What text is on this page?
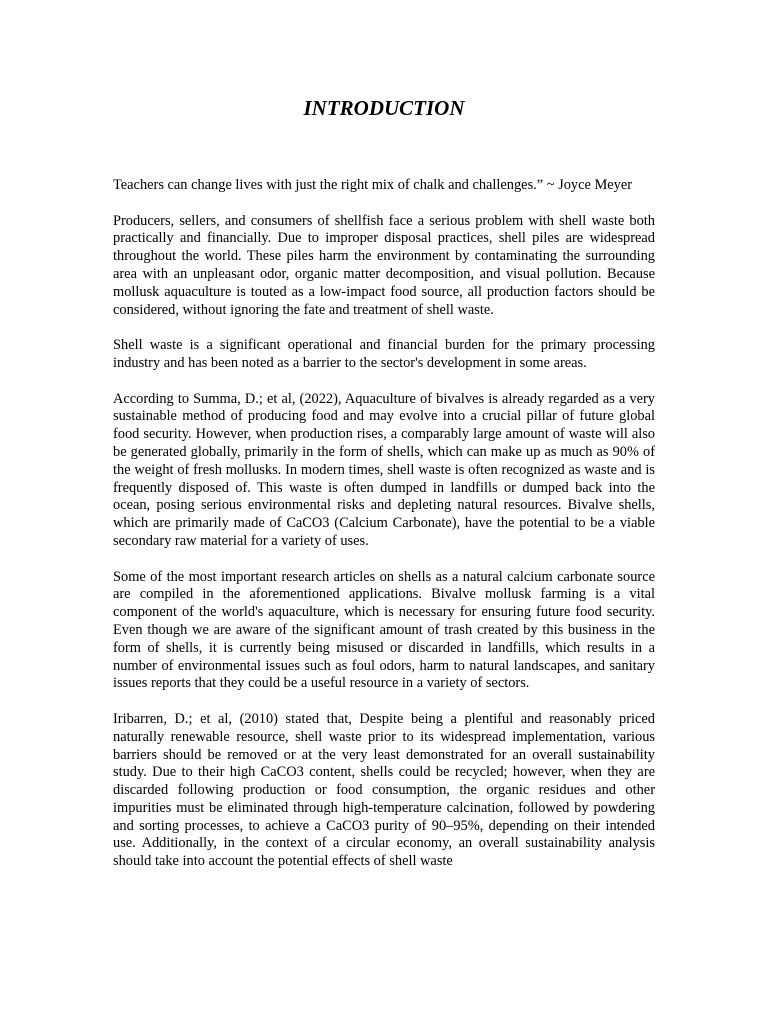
INTRODUCTION

Teachers can change lives with just the right mix of chalk and challenges.” ~ Joyce Meyer

Producers, sellers, and consumers of shellfish face a serious problem with shell waste both practically and financially. Due to improper disposal practices, shell piles are widespread throughout the world. These piles harm the environment by contaminating the surrounding area with an unpleasant odor, organic matter decomposition, and visual pollution. Because mollusk aquaculture is touted as a low-impact food source, all production factors should be considered, without ignoring the fate and treatment of shell waste.

Shell waste is a significant operational and financial burden for the primary processing industry and has been noted as a barrier to the sector's development in some areas.

According to Summa, D.; et al, (2022), Aquaculture of bivalves is already regarded as a very sustainable method of producing food and may evolve into a crucial pillar of future global food security. However, when production rises, a comparably large amount of waste will also be generated globally, primarily in the form of shells, which can make up as much as 90% of the weight of fresh mollusks. In modern times, shell waste is often recognized as waste and is frequently disposed of. This waste is often dumped in landfills or dumped back into the ocean, posing serious environmental risks and depleting natural resources. Bivalve shells, which are primarily made of CaCO3 (Calcium Carbonate), have the potential to be a viable secondary raw material for a variety of uses.

Some of the most important research articles on shells as a natural calcium carbonate source are compiled in the aforementioned applications. Bivalve mollusk farming is a vital component of the world's aquaculture, which is necessary for ensuring future food security. Even though we are aware of the significant amount of trash created by this business in the form of shells, it is currently being misused or discarded in landfills, which results in a number of environmental issues such as foul odors, harm to natural landscapes, and sanitary issues reports that they could be a useful resource in a variety of sectors.

Iribarren, D.; et al, (2010) stated that, Despite being a plentiful and reasonably priced naturally renewable resource, shell waste prior to its widespread implementation, various barriers should be removed or at the very least demonstrated for an overall sustainability study. Due to their high CaCO3 content, shells could be recycled; however, when they are discarded following production or food consumption, the organic residues and other impurities must be eliminated through high-temperature calcination, followed by powdering and sorting processes, to achieve a CaCO3 purity of 90–95%, depending on their intended use. Additionally, in the context of a circular economy, an overall sustainability analysis should take into account the potential effects of shell waste
